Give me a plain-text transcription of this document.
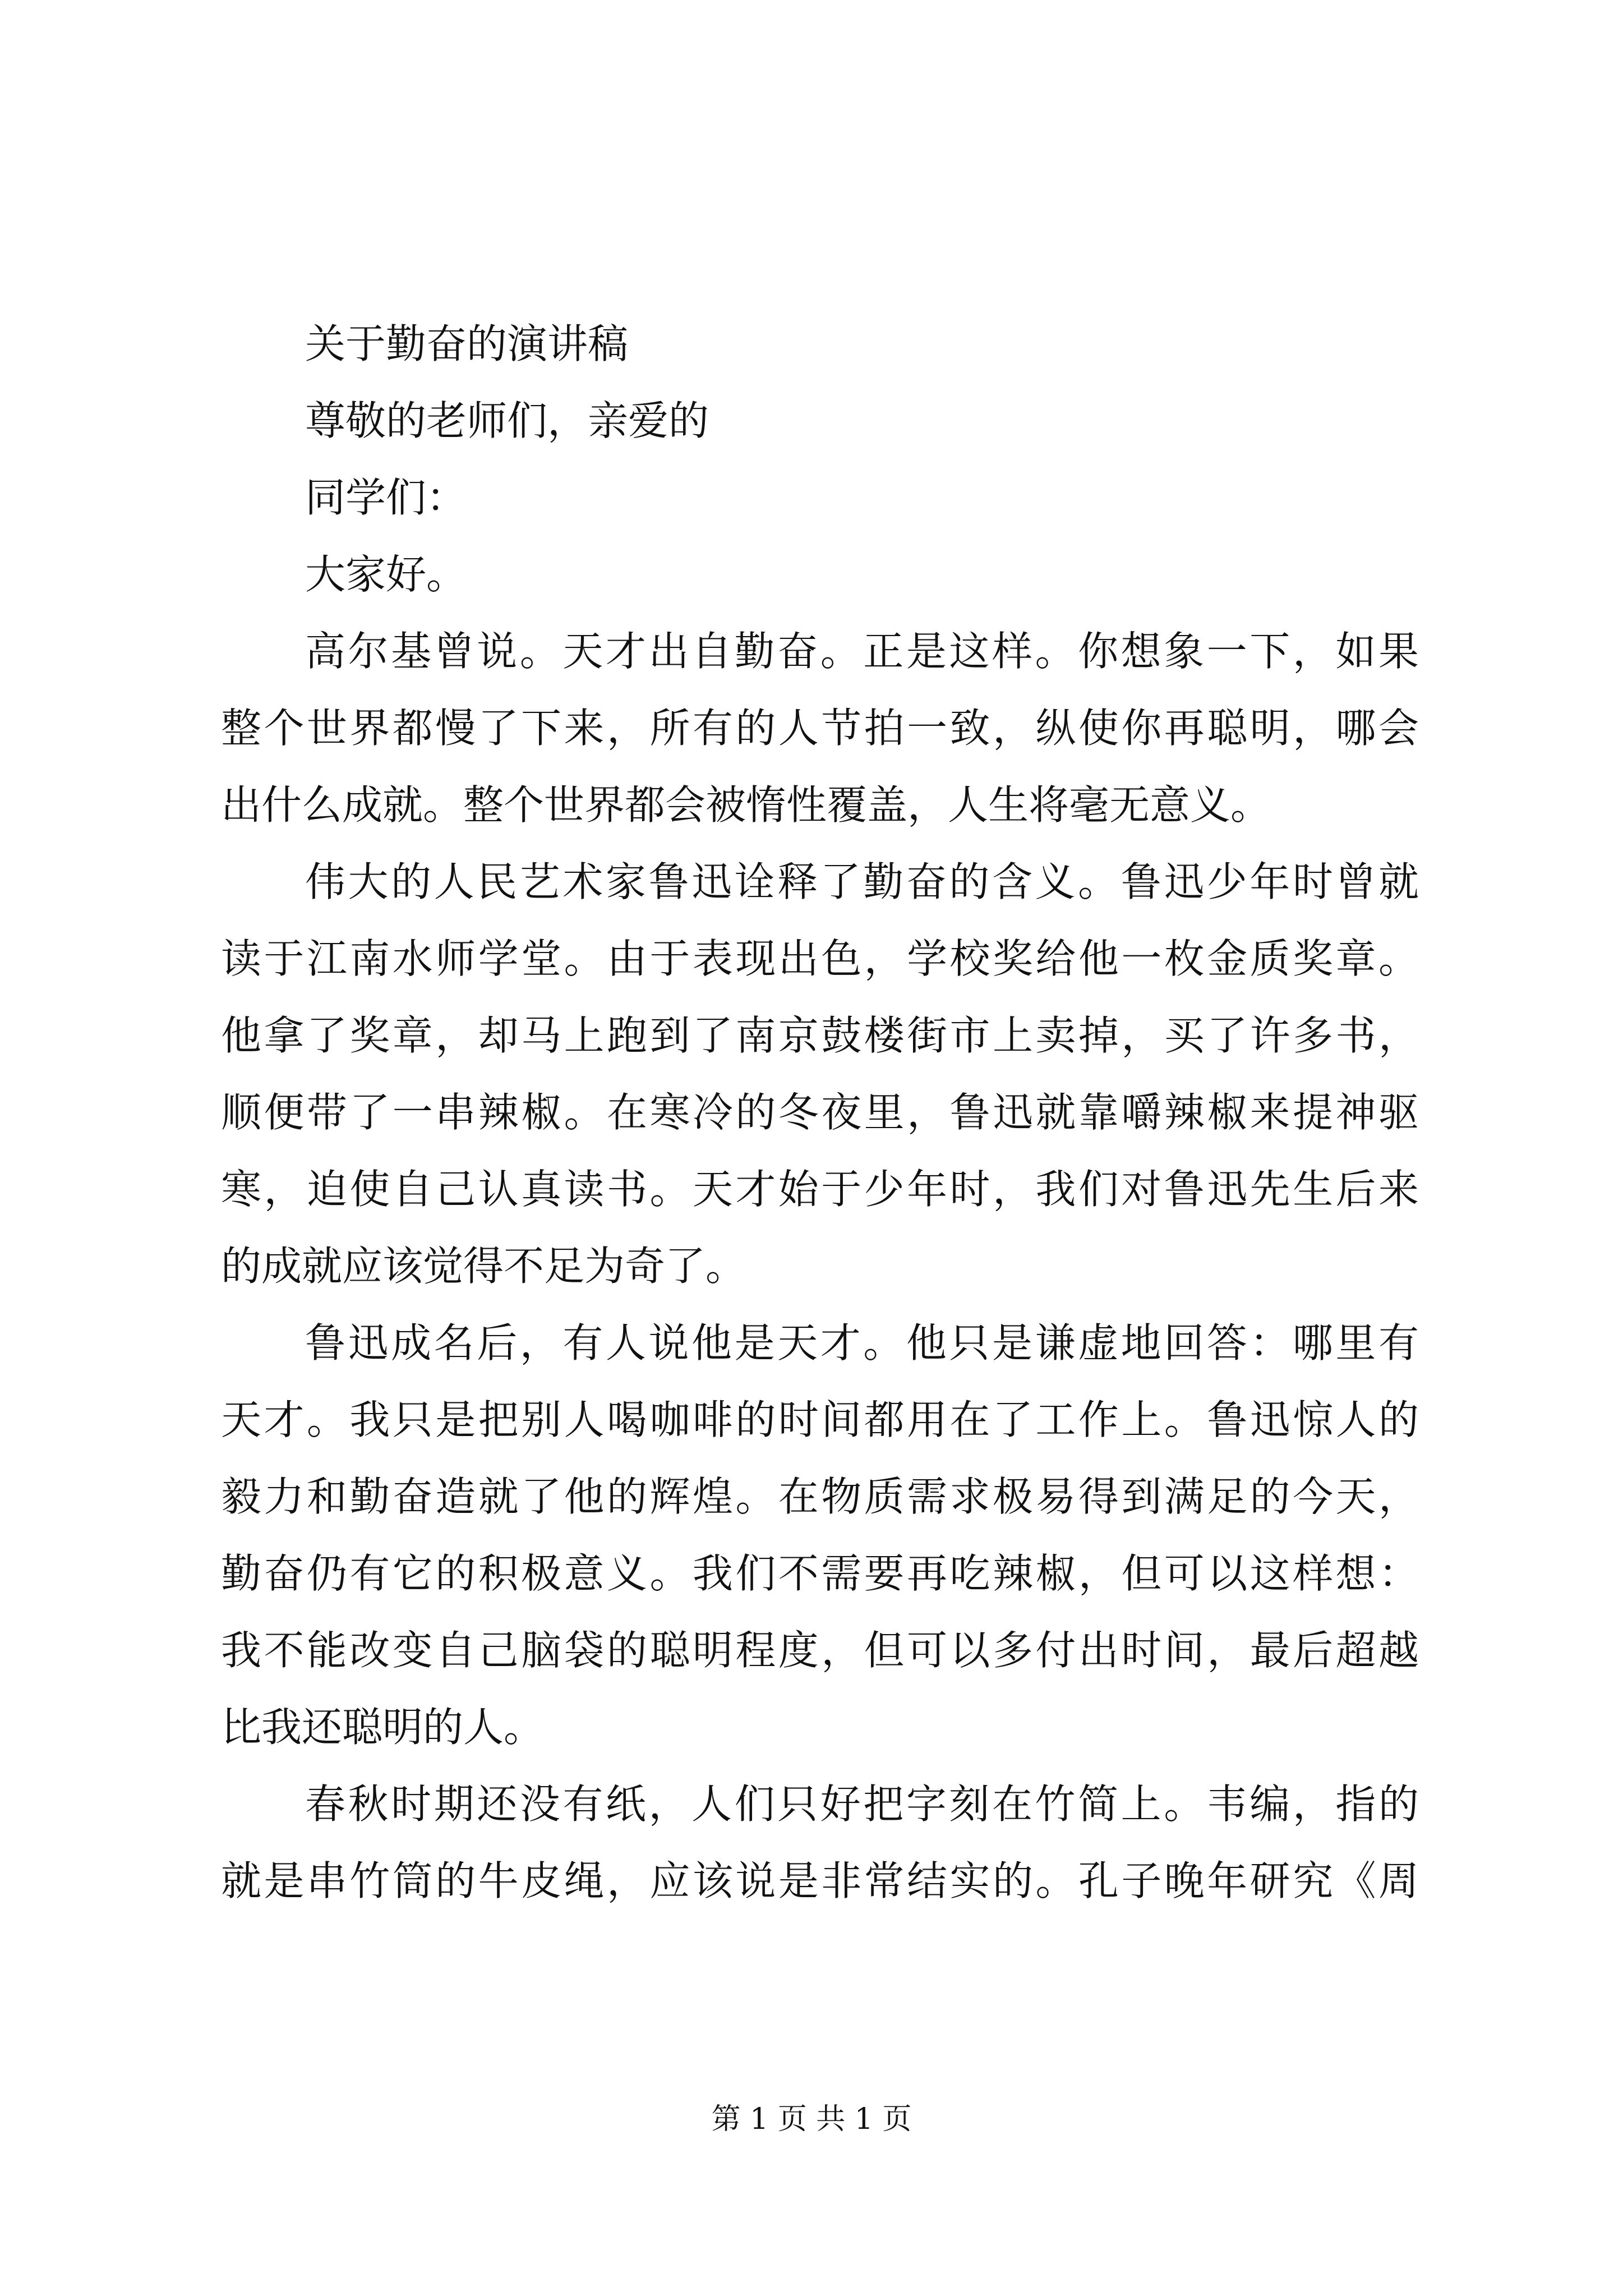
关于勤奋的演讲稿
尊敬的老师们，亲爱的
同学们：
大家好。
高尔基曾说。天才出自勤奋。正是这样。你想象一下，如果
整个世界都慢了下来，所有的人节拍一致，纵使你再聪明，哪会
出什么成就。整个世界都会被惰性覆盖，人生将毫无意义。
伟大的人民艺术家鲁迅诠释了勤奋的含义。鲁迅少年时曾就
读于江南水师学堂。由于表现出色，学校奖给他一枚金质奖章。
他拿了奖章，却马上跑到了南京鼓楼街市上卖掉，买了许多书，
顺便带了一串辣椒。在寒冷的冬夜里，鲁迅就靠嚼辣椒来提神驱
寒，迫使自己认真读书。天才始于少年时，我们对鲁迅先生后来
的成就应该觉得不足为奇了。
鲁迅成名后，有人说他是天才。他只是谦虚地回答：哪里有
天才。我只是把别人喝咖啡的时间都用在了工作上。鲁迅惊人的
毅力和勤奋造就了他的辉煌。在物质需求极易得到满足的今天，
勤奋仍有它的积极意义。我们不需要再吃辣椒，但可以这样想：
我不能改变自己脑袋的聪明程度，但可以多付出时间，最后超越
比我还聪明的人。
春秋时期还没有纸，人们只好把字刻在竹简上。韦编，指的
就是串竹筒的牛皮绳，应该说是非常结实的。孔子晚年研究《周
第 1 页 共 1 页
